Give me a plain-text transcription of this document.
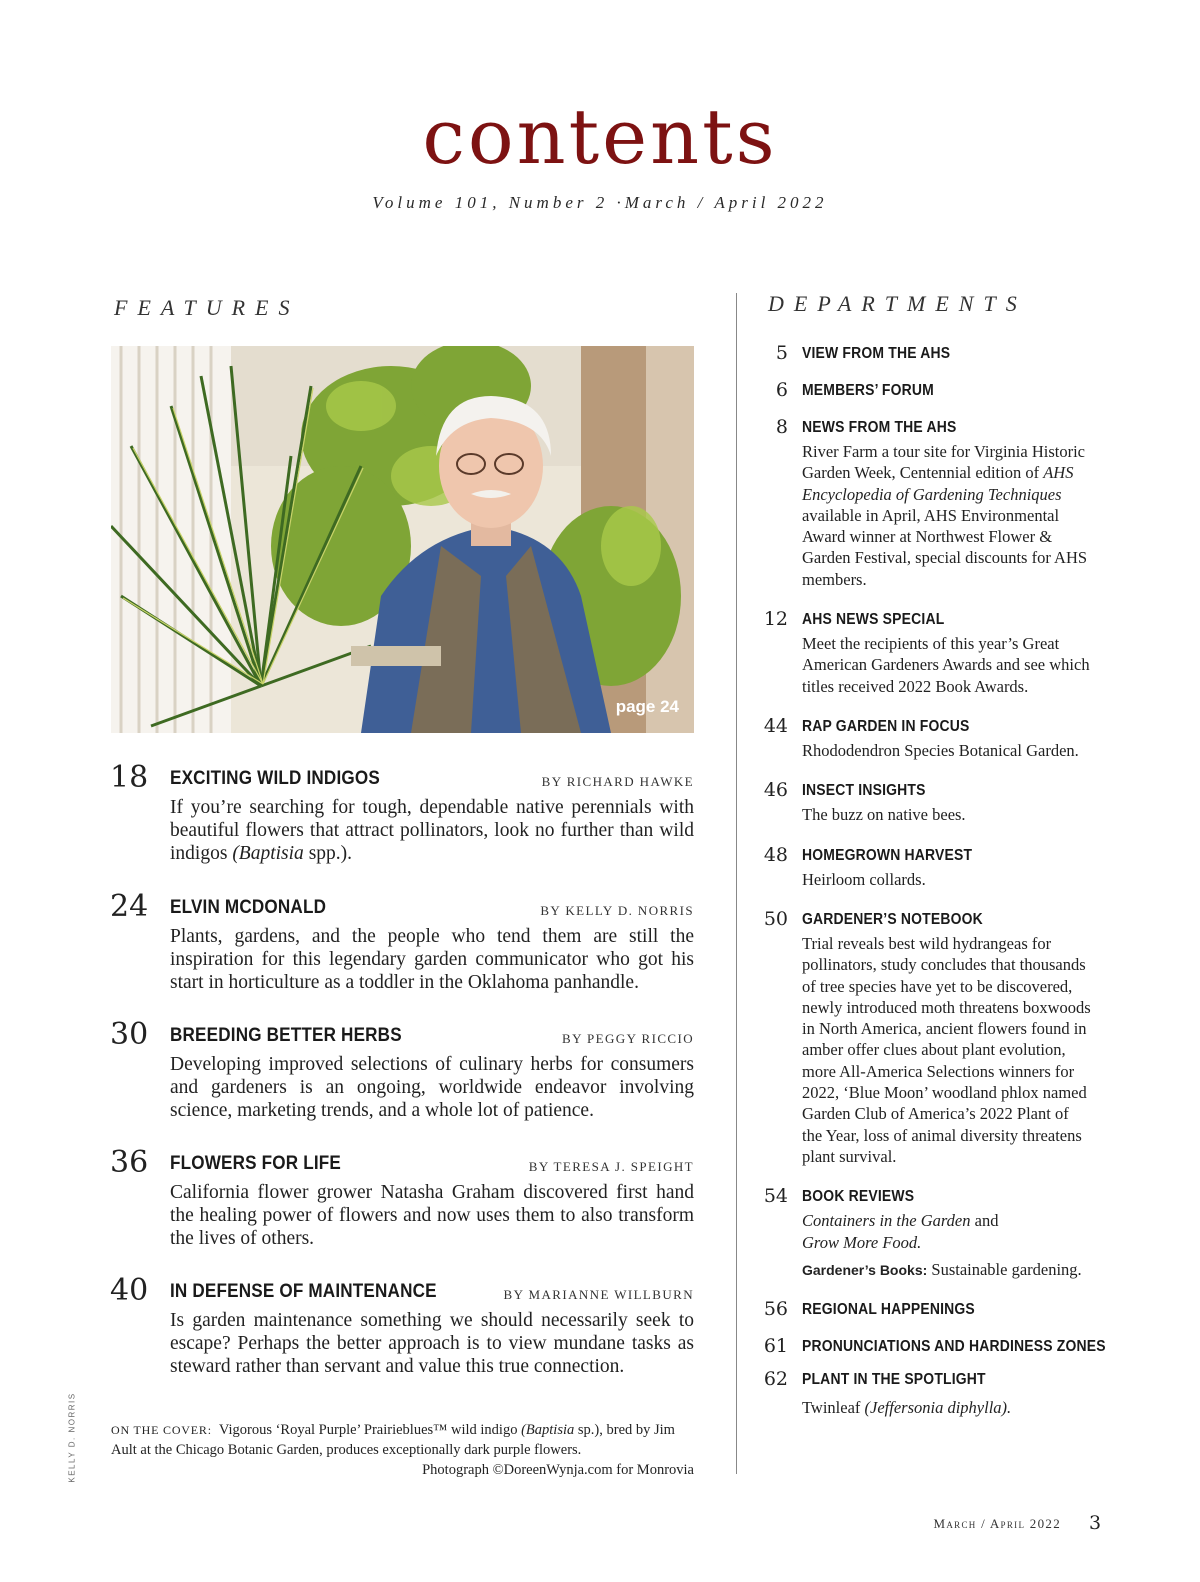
contents
Volume 101, Number 2 ·March / April 2022
FEATURES	DEPARTMENTS
page 24
18 EXCITING WILD INDIGOS	BY RICHARD HAWKE
If you’re searching for tough, dependable native perennials with beautiful flowers that attract pollinators, look no further than wild indigos (Baptisia spp.).
24 ELVIN MCDONALD	BY KELLY D. NORRIS
Plants, gardens, and the people who tend them are still the inspiration for this legendary garden communicator who got his start in horticulture as a toddler in the Oklahoma panhandle.
30 BREEDING BETTER HERBS	BY PEGGY RICCIO
Developing improved selections of culinary herbs for consumers and gardeners is an ongoing, worldwide endeavor involving science, marketing trends, and a whole lot of patience.
36 FLOWERS FOR LIFE	BY TERESA J. SPEIGHT
California flower grower Natasha Graham discovered first hand the healing power of flowers and now uses them to also transform the lives of others.
40 IN DEFENSE OF MAINTENANCE	BY MARIANNE WILLBURN
Is garden maintenance something we should necessarily seek to escape? Perhaps the better approach is to view mundane tasks as steward rather than servant and value this true connection.
ON THE COVER: Vigorous ‘Royal Purple’ Prairieblues™ wild indigo (Baptisia sp.), bred by Jim Ault at the Chicago Botanic Garden, produces exceptionally dark purple flowers.
Photograph ©DoreenWynja.com for Monrovia
KELLY D. NORRIS
5 VIEW FROM THE AHS
6 MEMBERS’ FORUM
8 NEWS FROM THE AHS
River Farm a tour site for Virginia Historic Garden Week, Centennial edition of AHS Encyclopedia of Gardening Techniques available in April, AHS Environmental Award winner at Northwest Flower & Garden Festival, special discounts for AHS members.
12 AHS NEWS SPECIAL
Meet the recipients of this year’s Great American Gardeners Awards and see which titles received 2022 Book Awards.
44 RAP GARDEN IN FOCUS
Rhododendron Species Botanical Garden.
46 INSECT INSIGHTS
The buzz on native bees.
48 HOMEGROWN HARVEST
Heirloom collards.
50 GARDENER’S NOTEBOOK
Trial reveals best wild hydrangeas for pollinators, study concludes that thousands of tree species have yet to be discovered, newly introduced moth threatens boxwoods in North America, ancient flowers found in amber offer clues about plant evolution, more All-America Selections winners for 2022, ‘Blue Moon’ woodland phlox named Garden Club of America’s 2022 Plant of the Year, loss of animal diversity threatens plant survival.
54 BOOK REVIEWS
Containers in the Garden and
Grow More Food.
Gardener’s Books: Sustainable gardening.
56 REGIONAL HAPPENINGS
61 PRONUNCIATIONS AND HARDINESS ZONES
62 PLANT IN THE SPOTLIGHT
Twinleaf (Jeffersonia diphylla).
March / April 2022 3
